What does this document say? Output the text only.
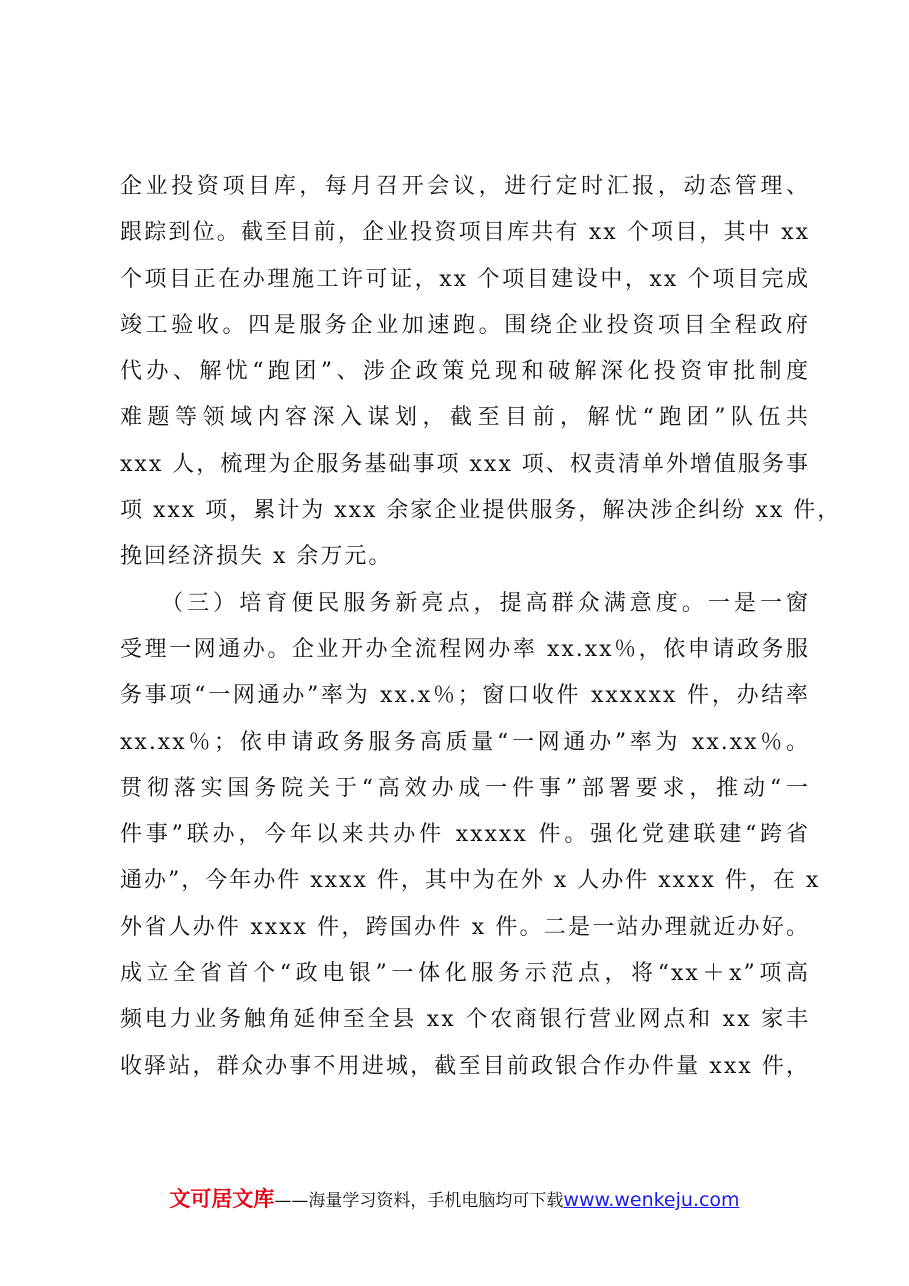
企业投资项目库，每月召开会议，进行定时汇报，动态管理、
跟踪到位。截至目前，企业投资项目库共有 xx 个项目，其中 xx
个项目正在办理施工许可证，xx 个项目建设中，xx 个项目完成
竣工验收。四是服务企业加速跑。围绕企业投资项目全程政府
代办、解忧“跑团”、涉企政策兑现和破解深化投资审批制度
难题等领域内容深入谋划，截至目前，解忧“跑团”队伍共
xxx 人，梳理为企服务基础事项 xxx 项、权责清单外增值服务事
项 xxx 项，累计为 xxx 余家企业提供服务，解决涉企纠纷 xx 件，
挽回经济损失 x 余万元。
　　（三）培育便民服务新亮点，提高群众满意度。一是一窗
受理一网通办。企业开办全流程网办率 xx.xx％，依申请政务服
务事项“一网通办”率为 xx.x％；窗口收件 xxxxxx 件，办结率
xx.xx％；依申请政务服务高质量“一网通办”率为 xx.xx％。
贯彻落实国务院关于“高效办成一件事”部署要求，推动“一
件事”联办，今年以来共办件 xxxxx 件。强化党建联建“跨省
通办”，今年办件 xxxx 件，其中为在外 x 人办件 xxxx 件，在 x
外省人办件 xxxx 件，跨国办件 x 件。二是一站办理就近办好。
成立全省首个“政电银”一体化服务示范点，将“xx＋x”项高
频电力业务触角延伸至全县 xx 个农商银行营业网点和 xx 家丰
收驿站，群众办事不用进城，截至目前政银合作办件量 xxx 件，
文可居文库——海量学习资料，手机电脑均可下载www.wenkeju.com
